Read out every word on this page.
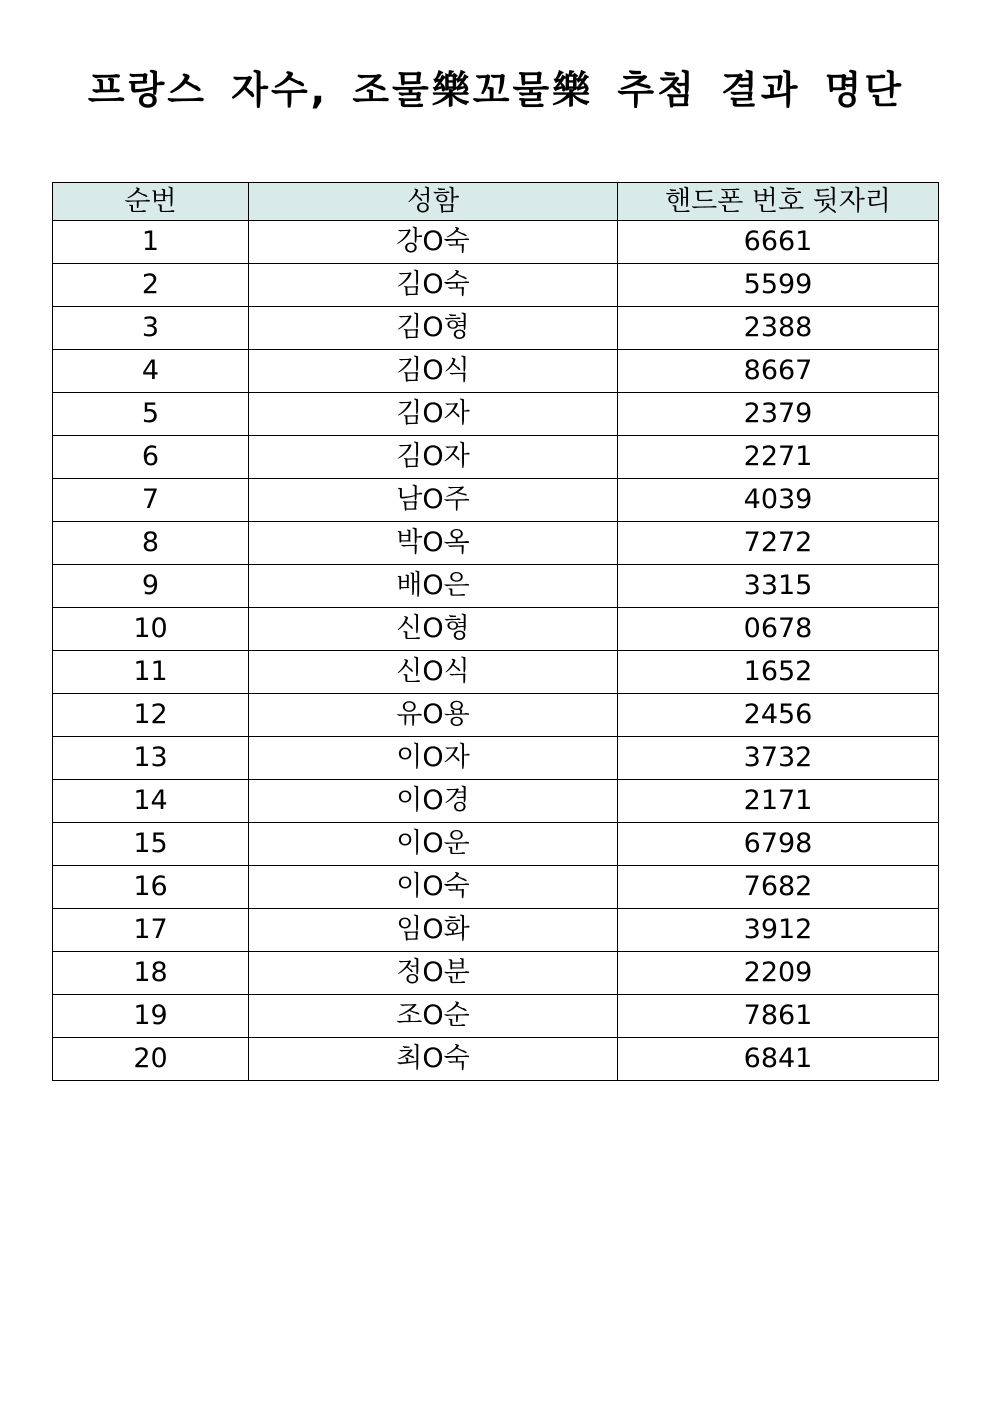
프랑스 자수, 조물樂꼬물樂 추첨 결과 명단
순번	성함	핸드폰 번호 뒷자리
1	강O숙	6661
2	김O숙	5599
3	김O형	2388
4	김O식	8667
5	김O자	2379
6	김O자	2271
7	남O주	4039
8	박O옥	7272
9	배O은	3315
10	신O형	0678
11	신O식	1652
12	유O용	2456
13	이O자	3732
14	이O경	2171
15	이O운	6798
16	이O숙	7682
17	임O화	3912
18	정O분	2209
19	조O순	7861
20	최O숙	6841
